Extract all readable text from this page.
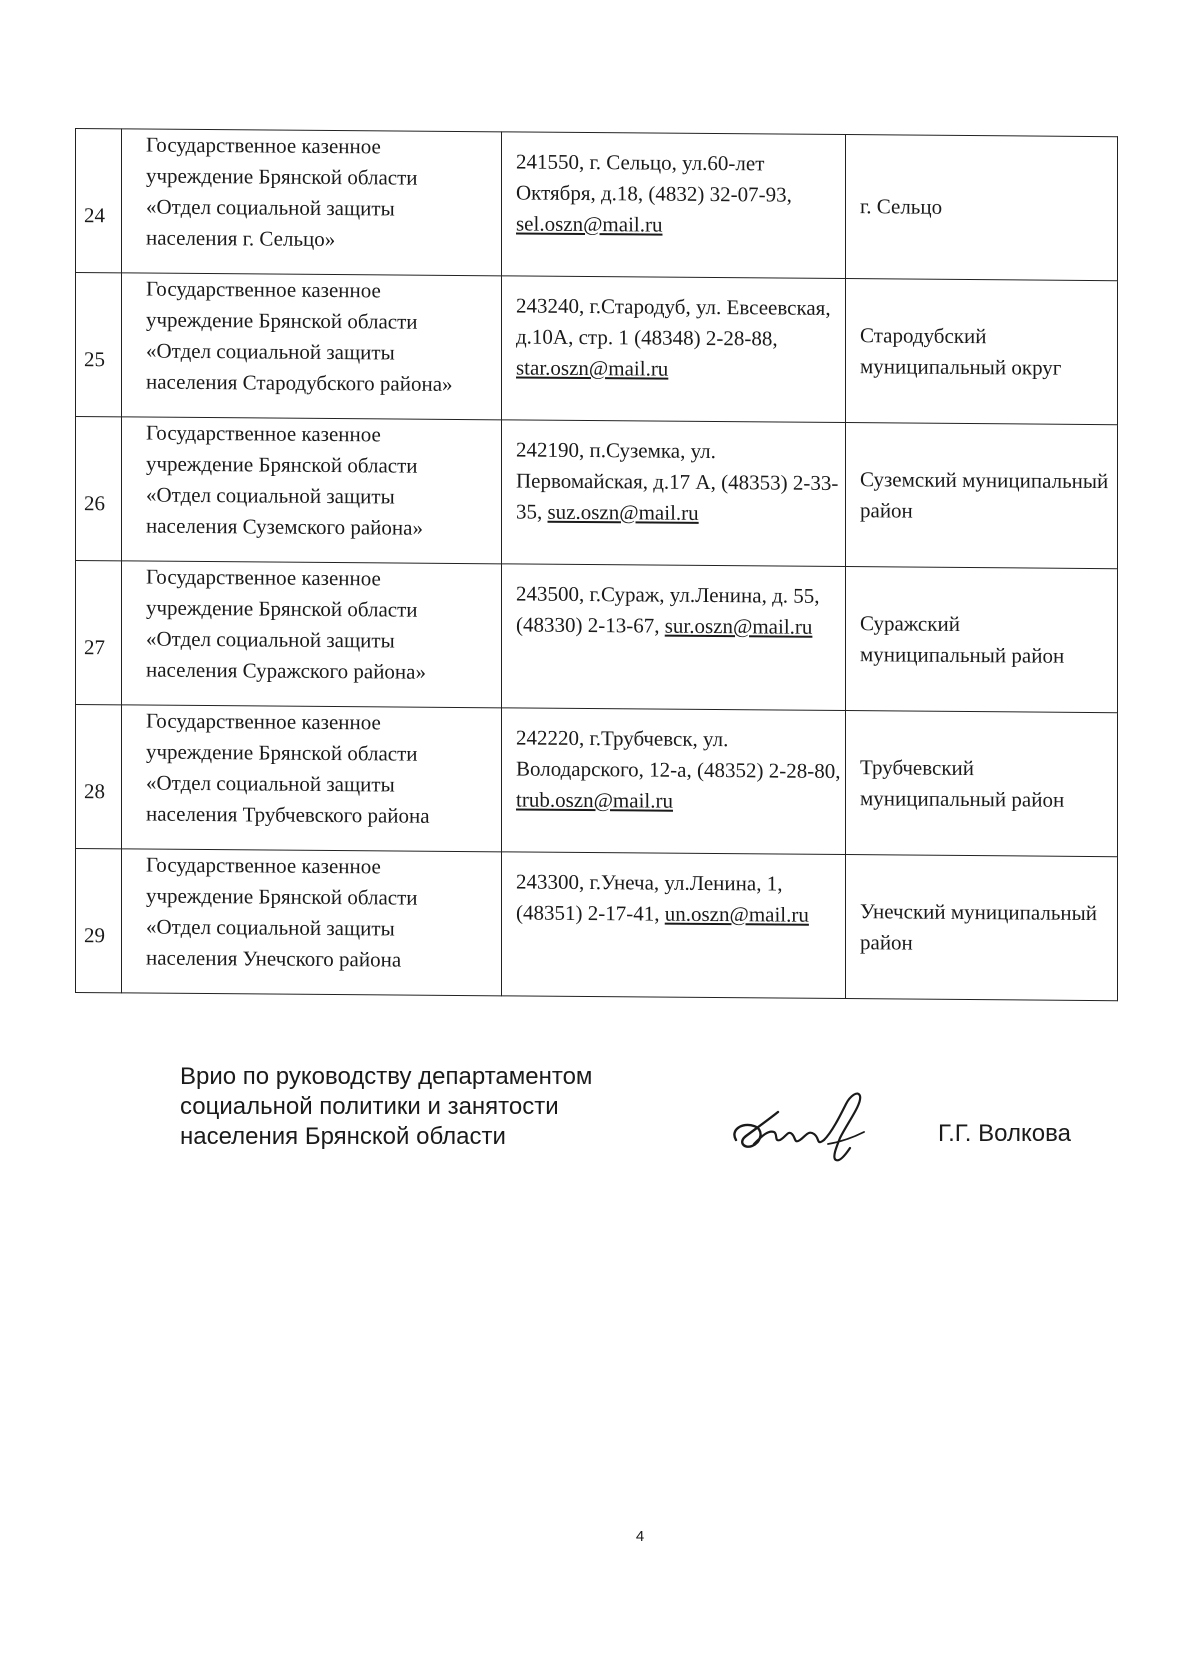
24	Государственное казенное
учреждение Брянской области
«Отдел социальной защиты
населения г. Сельцо»	241550, г. Сельцо, ул.60-лет Октября, д.18, (4832) 32-07-93, sel.oszn@mail.ru	г. Сельцо
25	Государственное казенное
учреждение Брянской области
«Отдел социальной защиты
населения Стародубского района»	243240, г.Стародуб, ул. Евсеевская, д.10А, стр. 1 (48348) 2-28-88, star.oszn@mail.ru	Стародубский муниципальный округ
26	Государственное казенное
учреждение Брянской области
«Отдел социальной защиты
населения Суземского района»	242190, п.Суземка, ул. Первомайская, д.17 А, (48353) 2-33-35, suz.oszn@mail.ru	Суземский муниципальный район
27	Государственное казенное
учреждение Брянской области
«Отдел социальной защиты
населения Суражского района»	243500, г.Сураж, ул.Ленина, д. 55, (48330) 2-13-67, sur.oszn@mail.ru	Суражский муниципальный район
28	Государственное казенное
учреждение Брянской области
«Отдел социальной защиты
населения Трубчевского района	242220, г.Трубчевск, ул. Володарского, 12-а, (48352) 2-28-80, trub.oszn@mail.ru	Трубчевский муниципальный район
29	Государственное казенное
учреждение Брянской области
«Отдел социальной защиты
населения Унечского района	243300, г.Унеча, ул.Ленина, 1, (48351) 2-17-41, un.oszn@mail.ru	Унечский муниципальный район
Врио по руководству департаментом
социальной политики и занятости
населения Брянской области	Г.Г. Волкова
4
